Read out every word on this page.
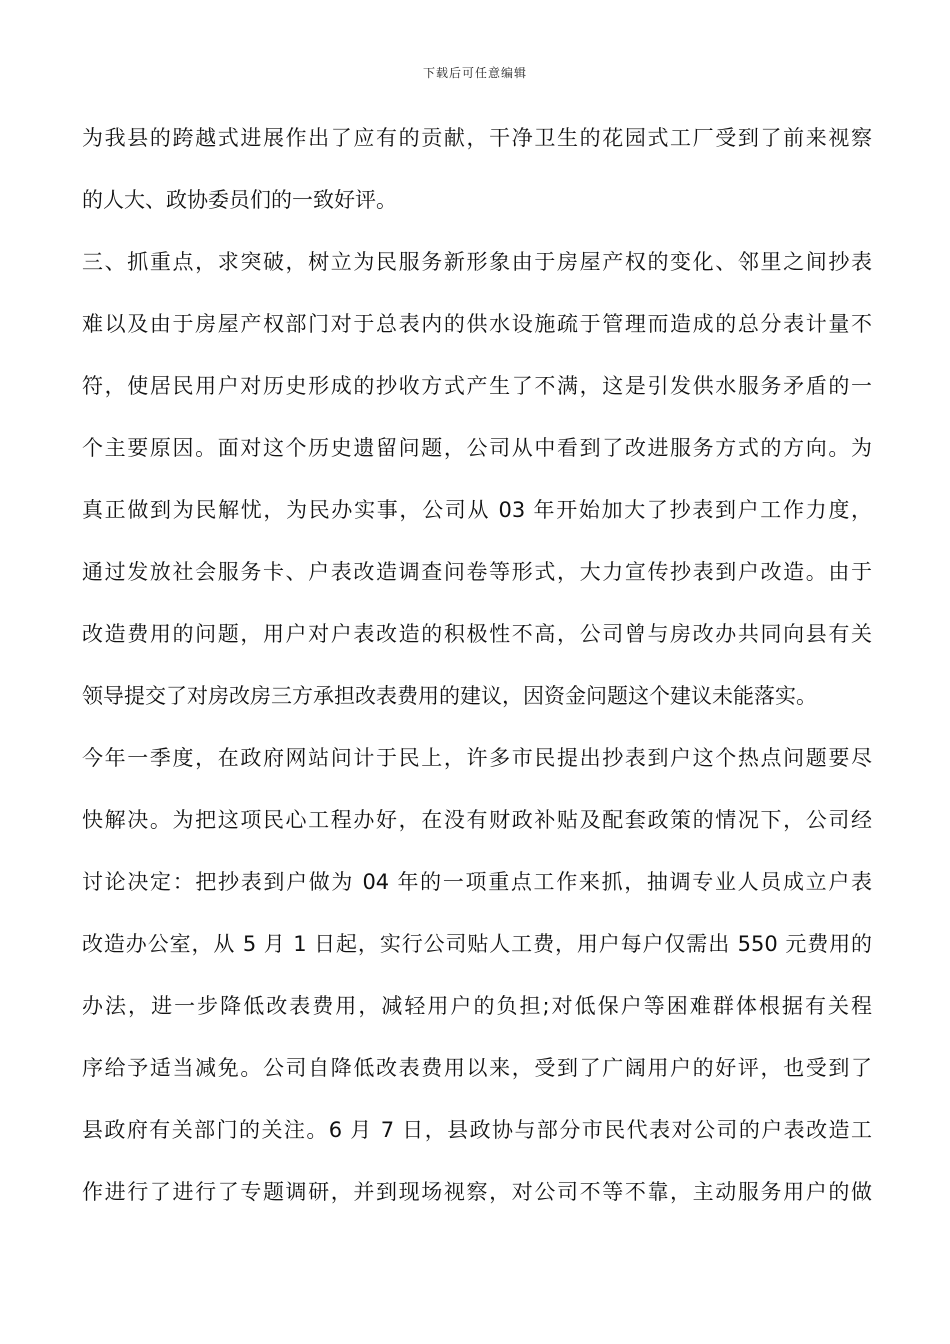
下载后可任意编辑
为我县的跨越式进展作出了应有的贡献，干净卫生的花园式工厂受到了前来视察
的人大、政协委员们的一致好评。
三、抓重点，求突破，树立为民服务新形象由于房屋产权的变化、邻里之间抄表
难以及由于房屋产权部门对于总表内的供水设施疏于管理而造成的总分表计量不
符，使居民用户对历史形成的抄收方式产生了不满，这是引发供水服务矛盾的一
个主要原因。面对这个历史遗留问题，公司从中看到了改进服务方式的方向。为
真正做到为民解忧，为民办实事，公司从 03 年开始加大了抄表到户工作力度，
通过发放社会服务卡、户表改造调查问卷等形式，大力宣传抄表到户改造。由于
改造费用的问题，用户对户表改造的积极性不高，公司曾与房改办共同向县有关
领导提交了对房改房三方承担改表费用的建议，因资金问题这个建议未能落实。
今年一季度，在政府网站问计于民上，许多市民提出抄表到户这个热点问题要尽
快解决。为把这项民心工程办好，在没有财政补贴及配套政策的情况下，公司经
讨论决定：把抄表到户做为 04 年的一项重点工作来抓，抽调专业人员成立户表
改造办公室，从 5 月 1 日起，实行公司贴人工费，用户每户仅需出 550 元费用的
办法，进一步降低改表费用，减轻用户的负担;对低保户等困难群体根据有关程
序给予适当减免。公司自降低改表费用以来，受到了广阔用户的好评，也受到了
县政府有关部门的关注。6 月 7 日，县政协与部分市民代表对公司的户表改造工
作进行了进行了专题调研，并到现场视察，对公司不等不靠，主动服务用户的做
